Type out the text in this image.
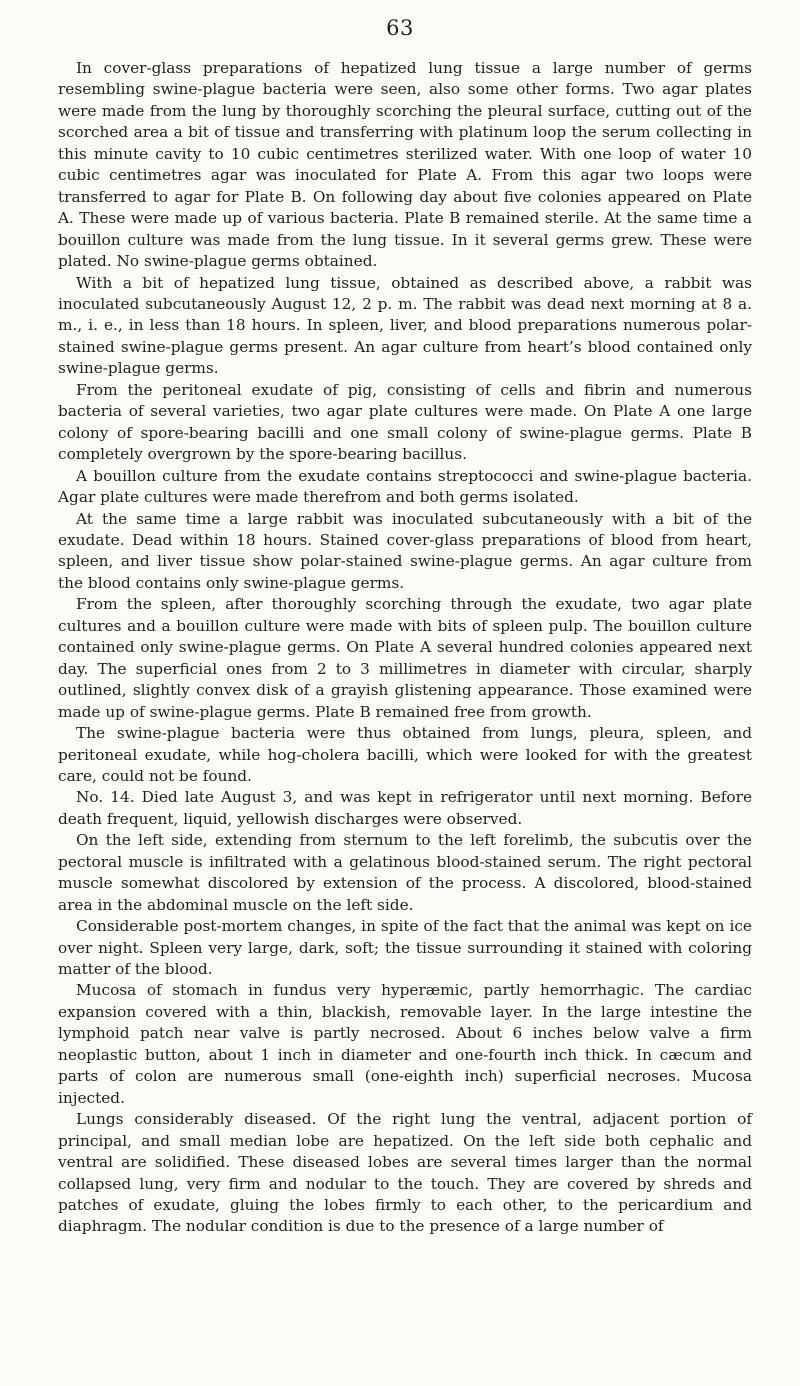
63

In cover-glass preparations of hepatized lung tissue a large number of germs resembling swine-plague bacteria were seen, also some other forms. Two agar plates were made from the lung by thoroughly scorching the pleural surface, cutting out of the scorched area a bit of tissue and transferring with platinum loop the serum collecting in this minute cavity to 10 cubic centimetres sterilized water. With one loop of water 10 cubic centimetres agar was inoculated for Plate A. From this agar two loops were transferred to agar for Plate B. On following day about five colonies appeared on Plate A. These were made up of various bacteria. Plate B remained sterile. At the same time a bouillon culture was made from the lung tissue. In it several germs grew. These were plated. No swine-plague germs obtained.

With a bit of hepatized lung tissue, obtained as described above, a rabbit was inoculated subcutaneously August 12, 2 p. m. The rabbit was dead next morning at 8 a. m., i. e., in less than 18 hours. In spleen, liver, and blood preparations numerous polar-stained swine-plague germs present. An agar culture from heart’s blood contained only swine-plague germs.

From the peritoneal exudate of pig, consisting of cells and fibrin and numerous bacteria of several varieties, two agar plate cultures were made. On Plate A one large colony of spore-bearing bacilli and one small colony of swine-plague germs. Plate B completely overgrown by the spore-bearing bacillus.

A bouillon culture from the exudate contains streptococci and swine-plague bacteria. Agar plate cultures were made therefrom and both germs isolated.

At the same time a large rabbit was inoculated subcutaneously with a bit of the exudate. Dead within 18 hours. Stained cover-glass preparations of blood from heart, spleen, and liver tissue show polar-stained swine-plague germs. An agar culture from the blood contains only swine-plague germs.

From the spleen, after thoroughly scorching through the exudate, two agar plate cultures and a bouillon culture were made with bits of spleen pulp. The bouillon culture contained only swine-plague germs. On Plate A several hundred colonies appeared next day. The superficial ones from 2 to 3 millimetres in diameter with circular, sharply outlined, slightly convex disk of a grayish glistening appearance. Those examined were made up of swine-plague germs. Plate B remained free from growth.

The swine-plague bacteria were thus obtained from lungs, pleura, spleen, and peritoneal exudate, while hog-cholera bacilli, which were looked for with the greatest care, could not be found.

No. 14. Died late August 3, and was kept in refrigerator until next morning. Before death frequent, liquid, yellowish discharges were observed.

On the left side, extending from sternum to the left forelimb, the subcutis over the pectoral muscle is infiltrated with a gelatinous blood-stained serum. The right pectoral muscle somewhat discolored by extension of the process. A discolored, blood-stained area in the abdominal muscle on the left side.

Considerable post-mortem changes, in spite of the fact that the animal was kept on ice over night. Spleen very large, dark, soft; the tissue surrounding it stained with coloring matter of the blood.

Mucosa of stomach in fundus very hyperæmic, partly hemorrhagic. The cardiac expansion covered with a thin, blackish, removable layer. In the large intestine the lymphoid patch near valve is partly necrosed. About 6 inches below valve a firm neoplastic button, about 1 inch in diameter and one-fourth inch thick. In cæcum and parts of colon are numerous small (one-eighth inch) superficial necroses. Mucosa injected.

Lungs considerably diseased. Of the right lung the ventral, adjacent portion of principal, and small median lobe are hepatized. On the left side both cephalic and ventral are solidified. These diseased lobes are several times larger than the normal collapsed lung, very firm and nodular to the touch. They are covered by shreds and patches of exudate, gluing the lobes firmly to each other, to the pericardium and diaphragm. The nodular condition is due to the presence of a large number of
